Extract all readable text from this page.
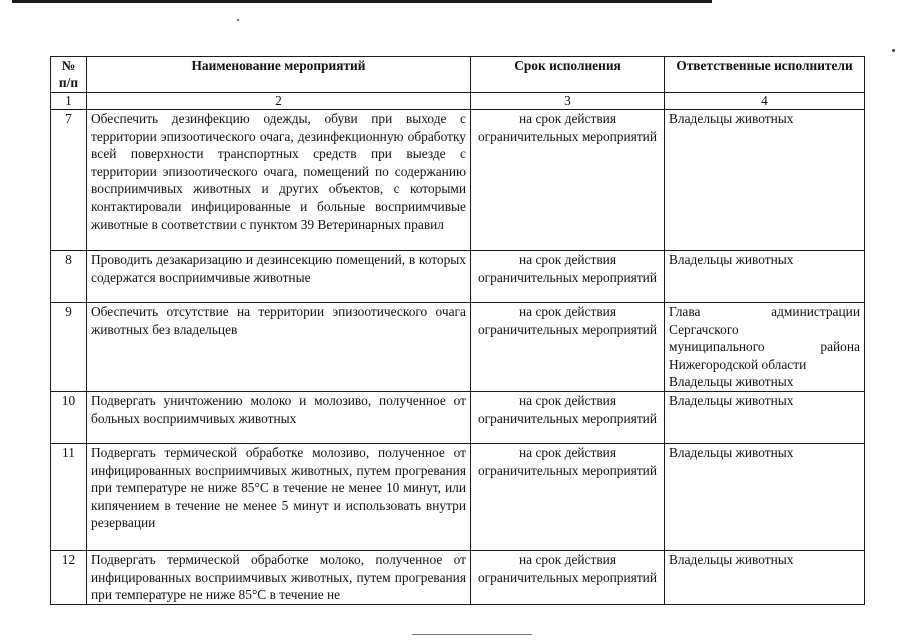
№ п/п	Наименование мероприятий	Срок исполнения	Ответственные исполнители
1	2	3	4
7	Обеспечить дезинфекцию одежды, обуви при выходе с территории эпизоотического очага, дезинфекционную обработку всей поверхности транспортных средств при выезде с территории эпизоотического очага, помещений по содержанию восприимчивых животных и других объектов, с которыми контактировали инфицированные и больные восприимчивые животные в соответствии с пунктом 39 Ветеринарных правил	на срок действия ограничительных мероприятий	Владельцы животных

8	Проводить дезакаризацию и дезинсекцию помещений, в которых содержатся восприимчивые животные	на срок действия ограничительных мероприятий	Владельцы животных

9	Обеспечить отсутствие на территории эпизоотического очага животных без владельцев	на срок действия ограничительных мероприятий	Глава администрации
Сергачского
муниципального района
Нижегородской области
Владельцы животных

10	Подвергать уничтожению молоко и молозиво, полученное от больных восприимчивых животных	на срок действия ограничительных мероприятий	Владельцы животных

11	Подвергать термической обработке молозиво, полученное от инфицированных восприимчивых животных, путем прогревания при температуре не ниже 85°С в течение не менее 10 минут, или кипячением в течение не менее 5 минут и использовать внутри резервации	на срок действия ограничительных мероприятий	Владельцы животных

12	Подвергать термической обработке молоко, полученное от инфицированных восприимчивых животных, путем прогревания при температуре не ниже 85°С в течение не	на срок действия ограничительных мероприятий	Владельцы животных
